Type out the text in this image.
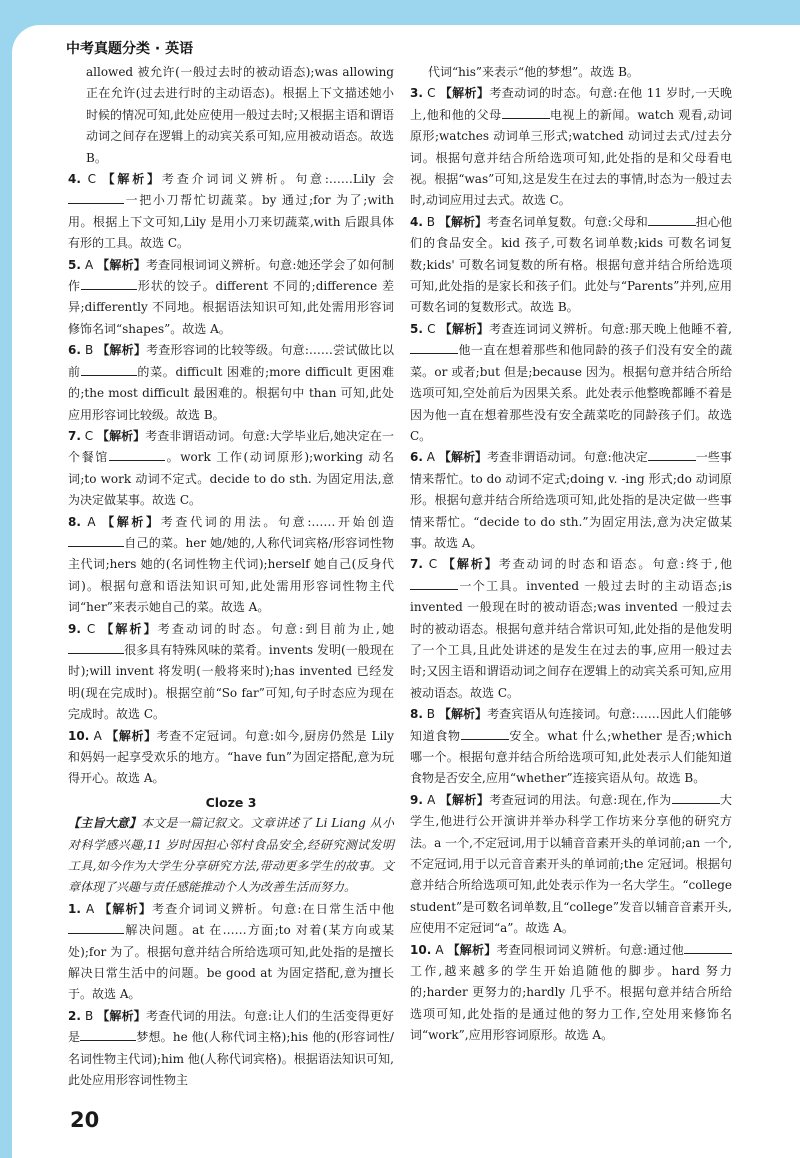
中考真题分类 · 英语

allowed 被允许(一般过去时的被动语态);was allowing 正在允许(过去进行时的主动语态)。根据上下文描述她小时候的情况可知,此处应使用一般过去时;又根据主语和谓语动词之间存在逻辑上的动宾关系可知,应用被动语态。故选 B。

4. C 【解析】考查介词词义辨析。句意:……Lily 会一把小刀帮忙切蔬菜。by 通过;for 为了;with 用。根据上下文可知,Lily 是用小刀来切蔬菜,with 后跟具体有形的工具。故选 C。

5. A 【解析】考查同根词词义辨析。句意:她还学会了如何制作	形状的饺子。different 不同的;difference 差异;differently 不同地。根据语法知识可知,此处需用形容词修饰名词“shapes”。故选 A。

6. B 【解析】考查形容词的比较等级。句意:……尝试做比以前	的菜。difficult 困难的;more difficult 更困难的;the most difficult 最困难的。根据句中 than 可知,此处应用形容词比较级。故选 B。

7. C 【解析】考查非谓语动词。句意:大学毕业后,她决定在一个餐馆	。work 工作(动词原形);working 动名词;to work 动词不定式。decide to do sth. 为固定用法,意为决定做某事。故选 C。

8. A 【解析】考查代词的用法。句意:……开始创造自己的菜。her 她/她的,人称代词宾格/形容词性物主代词;hers 她的(名词性物主代词);herself 她自己(反身代词)。根据句意和语法知识可知,此处需用形容词性物主代词“her”来表示她自己的菜。故选 A。

9. C 【解析】考查动词的时态。句意:到目前为止,她很多具有特殊风味的菜肴。invents 发明(一般现在时);will invent 将发明(一般将来时);has invented 已经发明(现在完成时)。根据空前“So far”可知,句子时态应为现在完成时。故选 C。

10. A 【解析】考查不定冠词。句意:如今,厨房仍然是 Lily 和妈妈一起享受欢乐的地方。“have fun”为固定搭配,意为玩得开心。故选 A。

Cloze 3

【主旨大意】本文是一篇记叙文。文章讲述了 Li Liang 从小对科学感兴趣,11 岁时因担心邻村食品安全,经研究测试发明工具,如今作为大学生分享研究方法,带动更多学生的故事。文章体现了兴趣与责任感能推动个人为改善生活而努力。

1. A 【解析】考查介词词义辨析。句意:在日常生活中他解决问题。at 在……方面;to 对着(某方向或某处);for 为了。根据句意并结合所给选项可知,此处指的是擅长解决日常生活中的问题。be good at 为固定搭配,意为擅长于。故选 A。

2. B 【解析】考查代词的用法。句意:让人们的生活变得更好是	梦想。he 他(人称代词主格);his 他的(形容词性/名词性物主代词);him 他(人称代词宾格)。根据语法知识可知,此处应用形容词性物主

代词“his”来表示“他的梦想”。故选 B。

3. C 【解析】考查动词的时态。句意:在他 11 岁时,一天晚上,他和他的父母	电视上的新闻。watch 观看,动词原形;watches 动词单三形式;watched 动词过去式/过去分词。根据句意并结合所给选项可知,此处指的是和父母看电视。根据“was”可知,这是发生在过去的事情,时态为一般过去时,动词应用过去式。故选 C。

4. B 【解析】考查名词单复数。句意:父母和	担心他们的食品安全。kid 孩子,可数名词单数;kids 可数名词复数;kids' 可数名词复数的所有格。根据句意并结合所给选项可知,此处指的是家长和孩子们。此处与“Parents”并列,应用可数名词的复数形式。故选 B。

5. C 【解析】考查连词词义辨析。句意:那天晚上他睡不着,他一直在想着那些和他同龄的孩子们没有安全的蔬菜。or 或者;but 但是;because 因为。根据句意并结合所给选项可知,空处前后为因果关系。此处表示他整晚都睡不着是因为他一直在想着那些没有安全蔬菜吃的同龄孩子们。故选 C。

6. A 【解析】考查非谓语动词。句意:他决定	一些事情来帮忙。to do 动词不定式;doing v. -ing 形式;do 动词原形。根据句意并结合所给选项可知,此处指的是决定做一些事情来帮忙。“decide to do sth.”为固定用法,意为决定做某事。故选 A。

7. C 【解析】考查动词的时态和语态。句意:终于,他一个工具。invented 一般过去时的主动语态;is invented 一般现在时的被动语态;was invented 一般过去时的被动语态。根据句意并结合常识可知,此处指的是他发明了一个工具,且此处讲述的是发生在过去的事,应用一般过去时;又因主语和谓语动词之间存在逻辑上的动宾关系可知,应用被动语态。故选 C。

8. B 【解析】考查宾语从句连接词。句意:……因此人们能够知道食物	安全。what 什么;whether 是否;which 哪一个。根据句意并结合所给选项可知,此处表示人们能知道食物是否安全,应用“whether”连接宾语从句。故选 B。

9. A 【解析】考查冠词的用法。句意:现在,作为	大学生,他进行公开演讲并举办科学工作坊来分享他的研究方法。a 一个,不定冠词,用于以辅音音素开头的单词前;an 一个,不定冠词,用于以元音音素开头的单词前;the 定冠词。根据句意并结合所给选项可知,此处表示作为一名大学生。“college student”是可数名词单数,且“college”发音以辅音音素开头,应使用不定冠词“a”。故选 A。

10. A 【解析】考查同根词词义辨析。句意:通过他工作,越来越多的学生开始追随他的脚步。hard 努力的;harder 更努力的;hardly 几乎不。根据句意并结合所给选项可知,此处指的是通过他的努力工作,空处用来修饰名词“work”,应用形容词原形。故选 A。

20
